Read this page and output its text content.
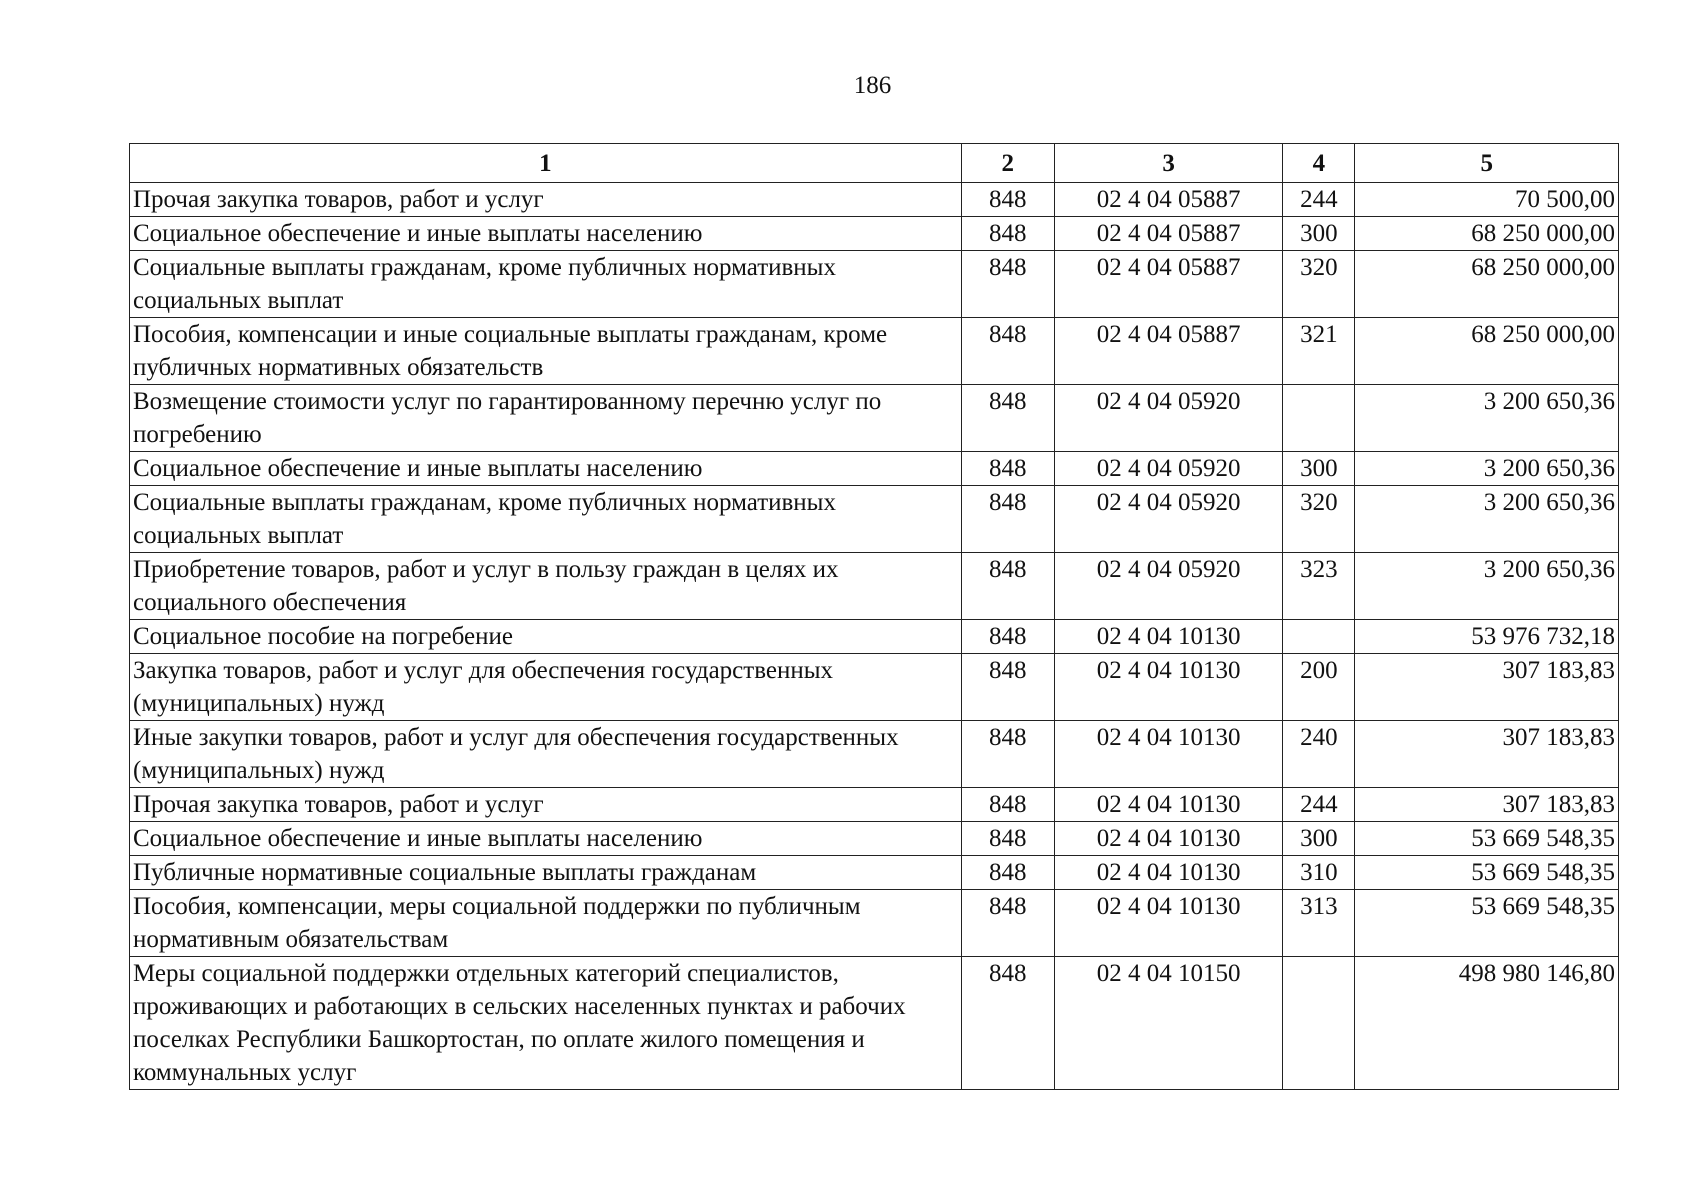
186
1	2	3	4	5
Прочая закупка товаров, работ и услуг	848	02 4 04 05887	244	70 500,00
Социальное обеспечение и иные выплаты населению	848	02 4 04 05887	300	68 250 000,00
Социальные выплаты гражданам, кроме публичных нормативных социальных выплат	848	02 4 04 05887	320	68 250 000,00
Пособия, компенсации и иные социальные выплаты гражданам, кроме публичных нормативных обязательств	848	02 4 04 05887	321	68 250 000,00
Возмещение стоимости услуг по гарантированному перечню услуг по погребению	848	02 4 04 05920		3 200 650,36
Социальное обеспечение и иные выплаты населению	848	02 4 04 05920	300	3 200 650,36
Социальные выплаты гражданам, кроме публичных нормативных социальных выплат	848	02 4 04 05920	320	3 200 650,36
Приобретение товаров, работ и услуг в пользу граждан в целях их социального обеспечения	848	02 4 04 05920	323	3 200 650,36
Социальное пособие на погребение	848	02 4 04 10130		53 976 732,18
Закупка товаров, работ и услуг для обеспечения государственных (муниципальных) нужд	848	02 4 04 10130	200	307 183,83
Иные закупки товаров, работ и услуг для обеспечения государственных (муниципальных) нужд	848	02 4 04 10130	240	307 183,83
Прочая закупка товаров, работ и услуг	848	02 4 04 10130	244	307 183,83
Социальное обеспечение и иные выплаты населению	848	02 4 04 10130	300	53 669 548,35
Публичные нормативные социальные выплаты гражданам	848	02 4 04 10130	310	53 669 548,35
Пособия, компенсации, меры социальной поддержки по публичным нормативным обязательствам	848	02 4 04 10130	313	53 669 548,35
Меры социальной поддержки отдельных категорий специалистов, проживающих и работающих в сельских населенных пунктах и рабочих поселках Республики Башкортостан, по оплате жилого помещения и коммунальных услуг	848	02 4 04 10150		498 980 146,80
